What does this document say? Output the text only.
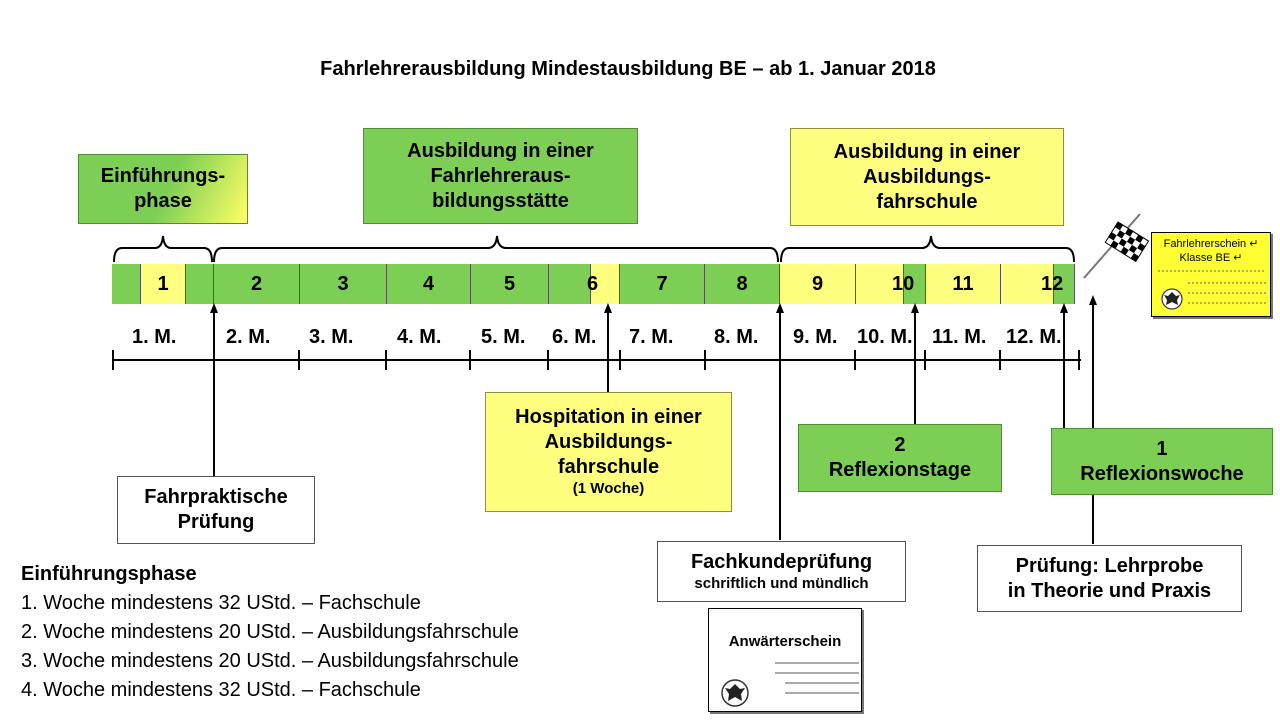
Fahrlehrerausbildung Mindestausbildung BE – ab 1. Januar 2018
Einführungs-
phase
Ausbildung in einer
Fahrlehreraus-
bildungsstätte
Ausbildung in einer
Ausbildungs-
fahrschule
1	2	3	4	5	6	7	8	9	10	11	12
1. M. 2. M. 3. M. 4. M. 5. M. 6. M. 7. M. 8. M. 9. M. 10. M. 11. M. 12. M.
Fahrpraktische
Prüfung
Hospitation in einer
Ausbildungs-
fahrschule
(1 Woche)
2
Reflexionstage
1
Reflexionswoche
Fachkundeprüfung
schriftlich und mündlich
Prüfung: Lehrprobe
in Theorie und Praxis
Anwärterschein
Fahrlehrerschein ↵
Klasse BE ↵
Einführungsphase
1. Woche mindestens 32 UStd. – Fachschule
2. Woche mindestens 20 UStd. – Ausbildungsfahrschule
3. Woche mindestens 20 UStd. – Ausbildungsfahrschule
4. Woche mindestens 32 UStd. – Fachschule
